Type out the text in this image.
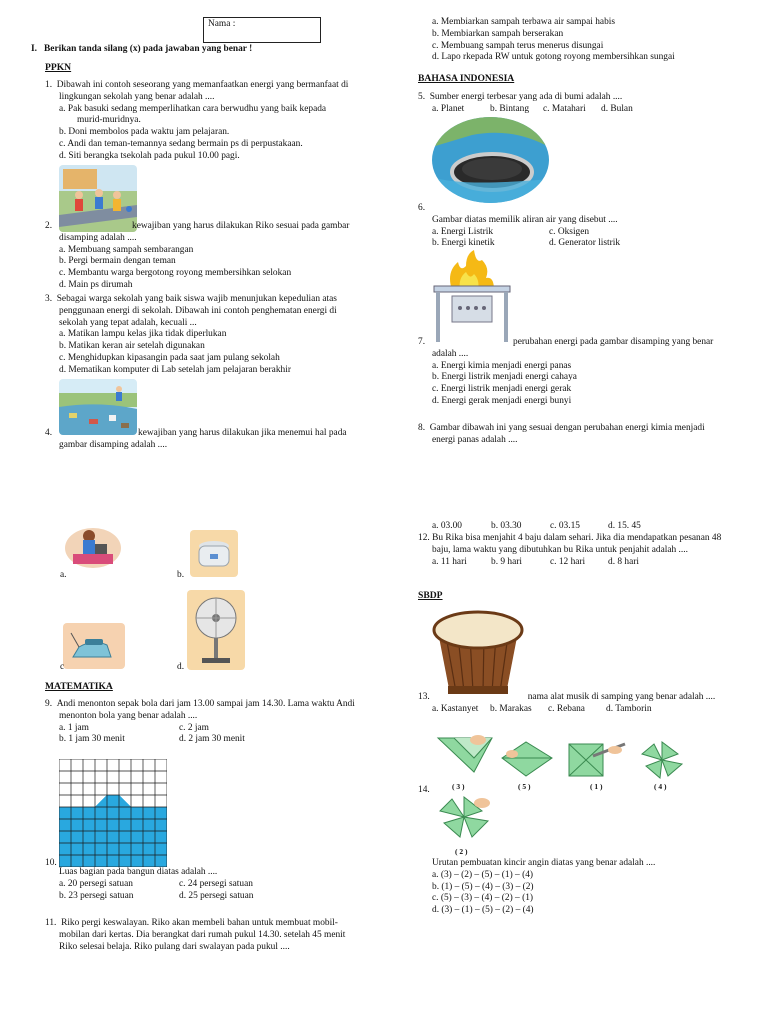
Nama :
I. Berikan tanda silang (x) pada jawaban yang benar !
PPKN
1. Dibawah ini contoh seseorang yang memanfaatkan energi yang bermanfaat di
lingkungan sekolah yang benar adalah ....
a. Pak basuki sedang memperlihatkan cara berwudhu yang baik kepada
murid-muridnya.
b. Doni membolos pada waktu jam pelajaran.
c. Andi dan teman-temannya sedang bermain ps di perpustakaan.
d. Siti berangka tsekolah pada pukul 10.00 pagi.
2.	kewajiban yang harus dilakukan Riko sesuai pada gambar
disamping adalah ....
a. Membuang sampah sembarangan
b. Pergi bermain dengan teman
c. Membantu warga bergotong royong membersihkan selokan
d. Main ps dirumah
3. Sebagai warga sekolah yang baik siswa wajib menunjukan kepedulian atas
penggunaan energi di sekolah. Dibawah ini contoh penghematan energi di
sekolah yang tepat adalah, kecuali ...
a. Matikan lampu kelas jika tidak diperlukan
b. Matikan keran air setelah digunakan
c. Menghidupkan kipasangin pada saat jam pulang sekolah
d. Mematikan komputer di Lab setelah jam pelajaran berakhir
4.	kewajiban yang harus dilakukan jika menemui hal pada
gambar disamping adalah ....
a.	b.
c	d.
MATEMATIKA
9. Andi menonton sepak bola dari jam 13.00 sampai jam 14.30. Lama waktu Andi
menonton bola yang benar adalah ....
a. 1 jam	c. 2 jam
b. 1 jam 30 menit	d. 2 jam 30 menit
10.
Luas bagian pada bangun diatas adalah ....
a. 20 persegi satuan	c. 24 persegi satuan
b. 23 persegi satuan	d. 25 persegi satuan
11. Riko pergi keswalayan. Riko akan membeli bahan untuk membuat mobil-
mobilan dari kertas. Dia berangkat dari rumah pukul 14.30. setelah 45 menit
Riko selesai belaja. Riko pulang dari swalayan pada pukul ....
a. Membiarkan sampah terbawa air sampai habis
b. Membiarkan sampah berserakan
c. Membuang sampah terus menerus disungai
d. Lapo rkepada RW untuk gotong royong membersihkan sungai
BAHASA INDONESIA
5. Sumber energi terbesar yang ada di bumi adalah ....
a. Planet	b. Bintang	c. Matahari	d. Bulan
6.
Gambar diatas memilik aliran air yang disebut ....
a. Energi Listrik	c. Oksigen
b. Energi kinetik	d. Generator listrik
7.	perubahan energi pada gambar disamping yang benar
adalah ....
a. Energi kimia menjadi energi panas
b. Energi listrik menjadi energi cahaya
c. Energi listrik menjadi energi gerak
d. Energi gerak menjadi energi bunyi
8. Gambar dibawah ini yang sesuai dengan perubahan energi kimia menjadi
energi panas adalah ....
a. 03.00	b. 03.30	c. 03.15	d. 15. 45
12. Bu Rika bisa menjahit 4 baju dalam sehari. Jika dia mendapatkan pesanan 48
baju, lama waktu yang dibutuhkan bu Rika untuk penjahit adalah ....
a. 11 hari	b. 9 hari	c. 12 hari	d. 8 hari
SBDP
13.	nama alat musik di samping yang benar adalah ....
a. Kastanyet	b. Marakas	c. Rebana	d. Tamborin
( 3 )	( 5 )	( 1 )	( 4 )
( 2 )
14.
Urutan pembuatan kincir angin diatas yang benar adalah ....
a. (3) – (2) – (5) – (1) – (4)
b. (1) – (5) – (4) – (3) – (2)
c. (5) – (3) – (4) – (2) – (1)
d. (3) – (1) – (5) – (2) – (4)
